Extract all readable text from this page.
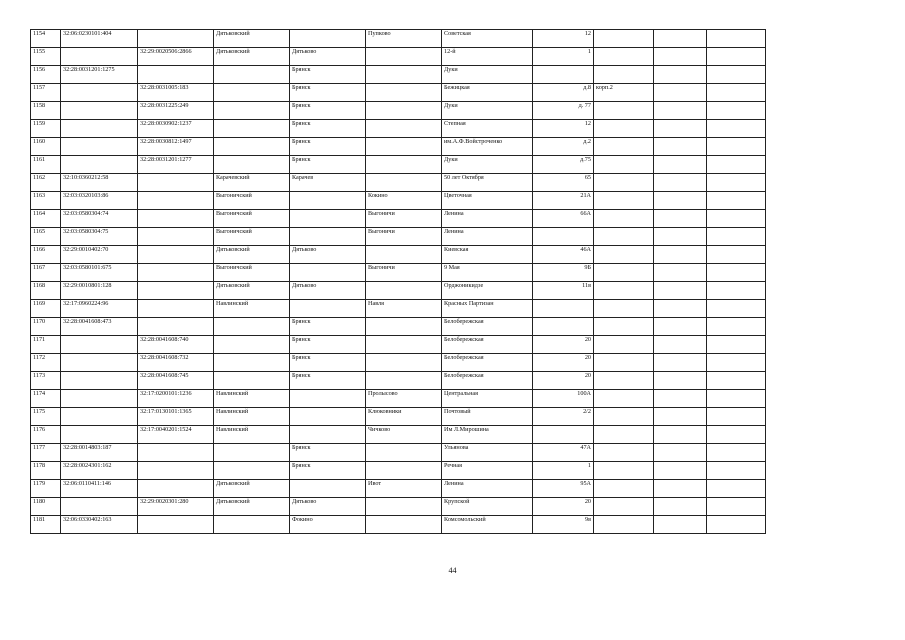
1154	32:06:0230101:404		Дятьковский		Пупково	Советская	12			
1155		32:29:0020506:2866	Дятьковский	Дятьково		12-й	1			
1156	32:28:0031201:1275			Брянск		Дуки				
1157		32:28:0031005:183		Брянск		Бежицкая	д.8	корп.2		
1158		32:28:0031225:249		Брянск		Дуки	д. 77			
1159		32:28:0030902:1237		Брянск		Степная	12			
1160		32:28:0030812:1497		Брянск		им.А.Ф.Войстроченко	д.2			
1161		32:28:0031201:1277		Брянск		Дуки	д.75			
1162	32:10:0360212:58		Карачевский	Карачев		50 лет Октября	65			
1163	32:03:0320103:86		Выгоничский		Кокино	Цветочная	21А			
1164	32:03:0580304:74		Выгоничский		Выгоничи	Ленина	66А			
1165	32:03:0580304:75		Выгоничский		Выгоничи	Ленина				
1166	32:29:0010402:70		Дятьковский	Дятьково		Киевская	46А			
1167	32:03:0580101:675		Выгоничский		Выгоничи	9 Мая	9Б			
1168	32:29:0010801:128		Дятьковский	Дятьково		Орджоникидзе	11в			
1169	32:17:0960224:96		Навлинский		Навля	Красных Партизан				
1170	32:28:0041608:473			Брянск		Белобережская				
1171		32:28:0041608:740		Брянск		Белобережская	20			
1172		32:28:0041608:732		Брянск		Белобережская	20			
1173		32:28:0041608:745		Брянск		Белобережская	20			
1174		32:17:0200101:1236	Навлинский		Пролысово	Центральная	100А			
1175		32:17:0130101:1365	Навлинский		Клюковники	Почтовый	2/2			
1176		32:17:0040201:1524	Навлинский		Чичково	Им Л.Мирошина				
1177	32:28:0014803:187			Брянск		Ульянова	47А			
1178	32:28:0024301:162			Брянск		Речная	1			
1179	32:06:0110411:146		Дятьковский		Ивот	Ленина	95А			
1180		32:29:0020301:280	Дятьковский	Дятьково		Крупской	20			
1181	32:06:0330402:163			Фокино		Комсомольский	9в			
44
